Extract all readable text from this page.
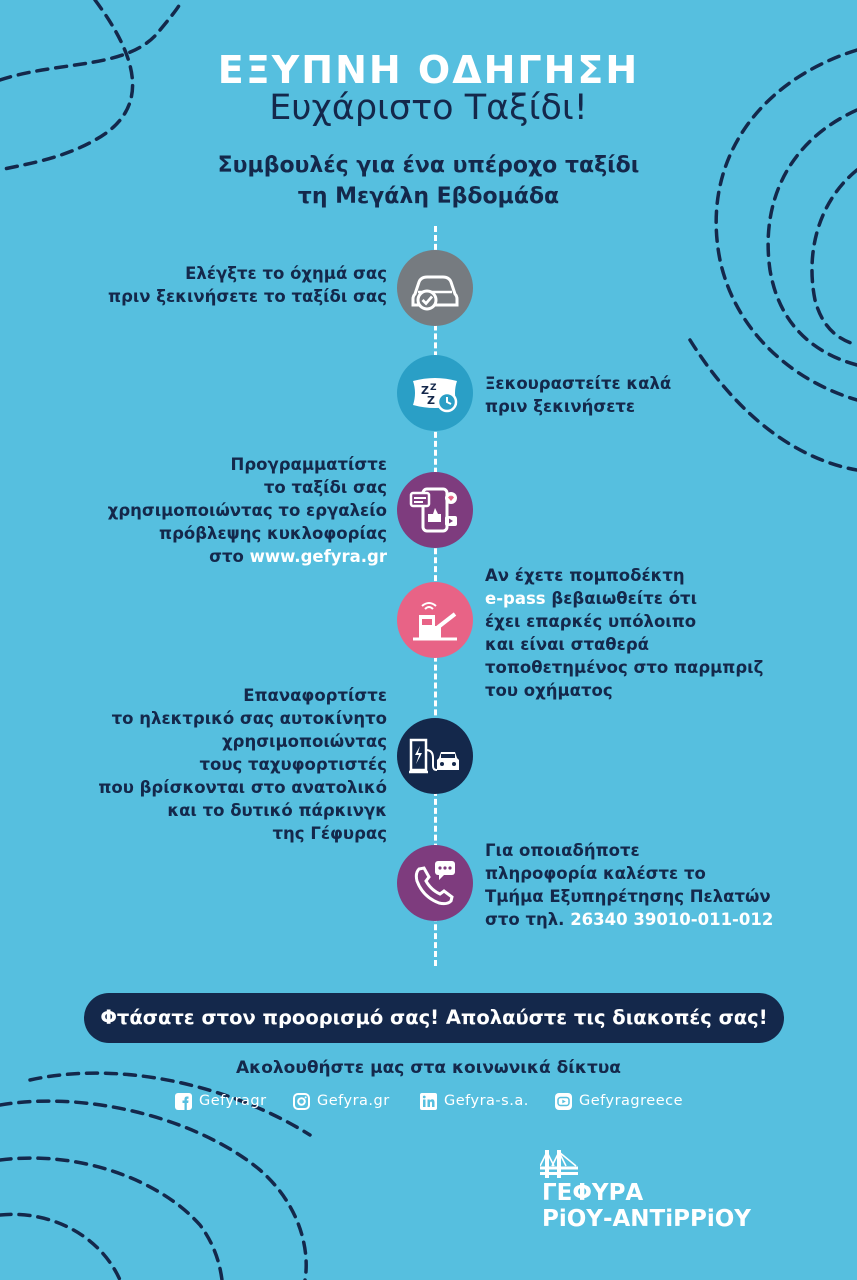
ΕΞΥΠΝΗ ΟΔΗΓΗΣΗ
Ευχάριστο Ταξίδι!
Συμβουλές για ένα υπέροχο ταξίδι
τη Μεγάλη Εβδομάδα
Ελέγξτε το όχημά σας
πριν ξεκινήσετε το ταξίδι σας
Z Z
Z
Ξεκουραστείτε καλά
πριν ξεκινήσετε
Προγραμματίστε
το ταξίδι σας
χρησιμοποιώντας το εργαλείο
πρόβλεψης κυκλοφορίας
στο www.gefyra.gr
Αν έχετε πομποδέκτη
e-pass βεβαιωθείτε ότι
έχει επαρκές υπόλοιπο
και είναι σταθερά
τοποθετημένος στο παρμπριζ
του οχήματος
Επαναφορτίστε
το ηλεκτρικό σας αυτοκίνητο
χρησιμοποιώντας
τους ταχυφορτιστές
που βρίσκονται στο ανατολικό
και το δυτικό πάρκινγκ
της Γέφυρας
Για οποιαδήποτε
πληροφορία καλέστε το
Τμήμα Εξυπηρέτησης Πελατών
στο τηλ. 26340 39010-011-012
Φτάσατε στον προορισμό σας! Απολαύστε τις διακοπές σας!
Ακολουθήστε μας στα κοινωνικά δίκτυα
Gefyragr	Gefyra.gr	Gefyra-s.a.	Gefyragreece
ΓΕΦΥΡΑ
ΡiΟΥ-ΑΝΤiΡΡiΟΥ
